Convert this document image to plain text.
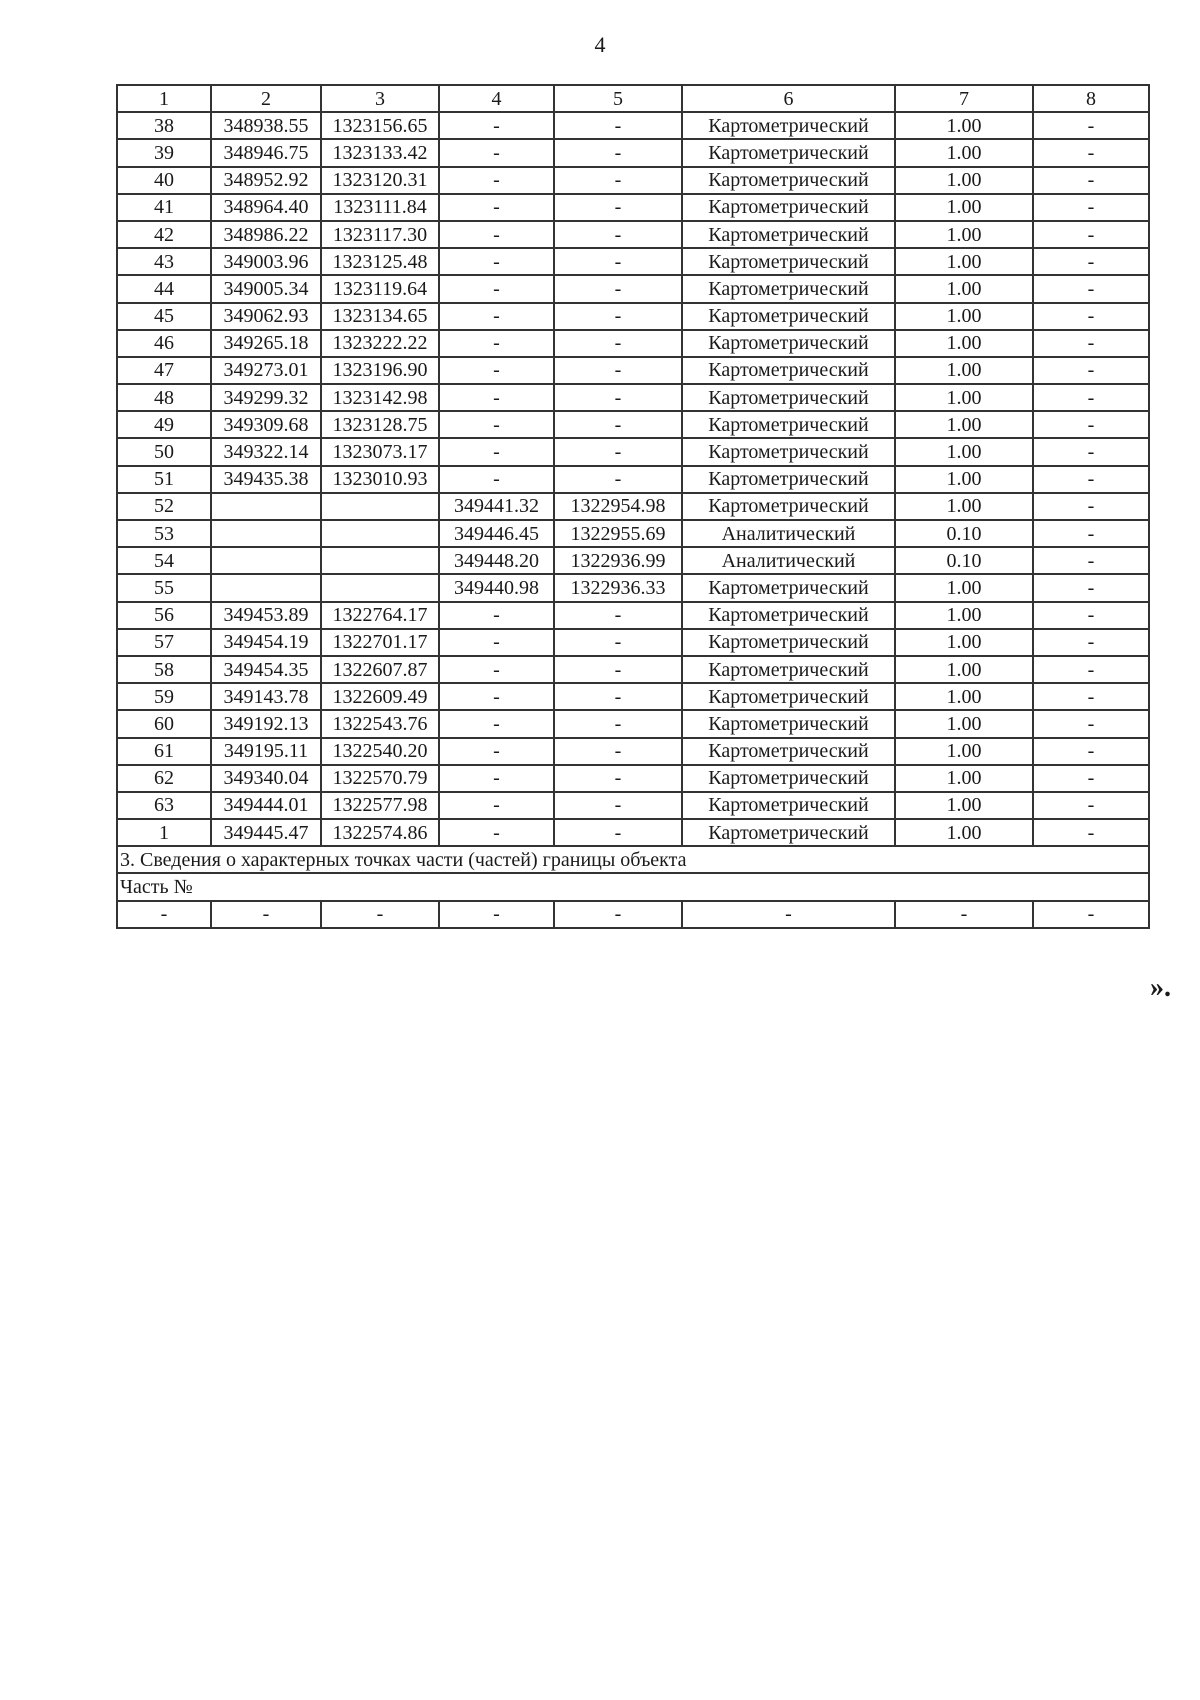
4
1	2	3	4	5	6	7	8
38	348938.55	1323156.65	-	-	Картометрический	1.00	-
39	348946.75	1323133.42	-	-	Картометрический	1.00	-
40	348952.92	1323120.31	-	-	Картометрический	1.00	-
41	348964.40	1323111.84	-	-	Картометрический	1.00	-
42	348986.22	1323117.30	-	-	Картометрический	1.00	-
43	349003.96	1323125.48	-	-	Картометрический	1.00	-
44	349005.34	1323119.64	-	-	Картометрический	1.00	-
45	349062.93	1323134.65	-	-	Картометрический	1.00	-
46	349265.18	1323222.22	-	-	Картометрический	1.00	-
47	349273.01	1323196.90	-	-	Картометрический	1.00	-
48	349299.32	1323142.98	-	-	Картометрический	1.00	-
49	349309.68	1323128.75	-	-	Картометрический	1.00	-
50	349322.14	1323073.17	-	-	Картометрический	1.00	-
51	349435.38	1323010.93	-	-	Картометрический	1.00	-
52			349441.32	1322954.98	Картометрический	1.00	-
53			349446.45	1322955.69	Аналитический	0.10	-
54			349448.20	1322936.99	Аналитический	0.10	-
55			349440.98	1322936.33	Картометрический	1.00	-
56	349453.89	1322764.17	-	-	Картометрический	1.00	-
57	349454.19	1322701.17	-	-	Картометрический	1.00	-
58	349454.35	1322607.87	-	-	Картометрический	1.00	-
59	349143.78	1322609.49	-	-	Картометрический	1.00	-
60	349192.13	1322543.76	-	-	Картометрический	1.00	-
61	349195.11	1322540.20	-	-	Картометрический	1.00	-
62	349340.04	1322570.79	-	-	Картометрический	1.00	-
63	349444.01	1322577.98	-	-	Картометрический	1.00	-
1	349445.47	1322574.86	-	-	Картометрический	1.00	-
3. Сведения о характерных точках части (частей) границы объекта							
Часть №							
-	-	-	-	-	-	-	-
».
